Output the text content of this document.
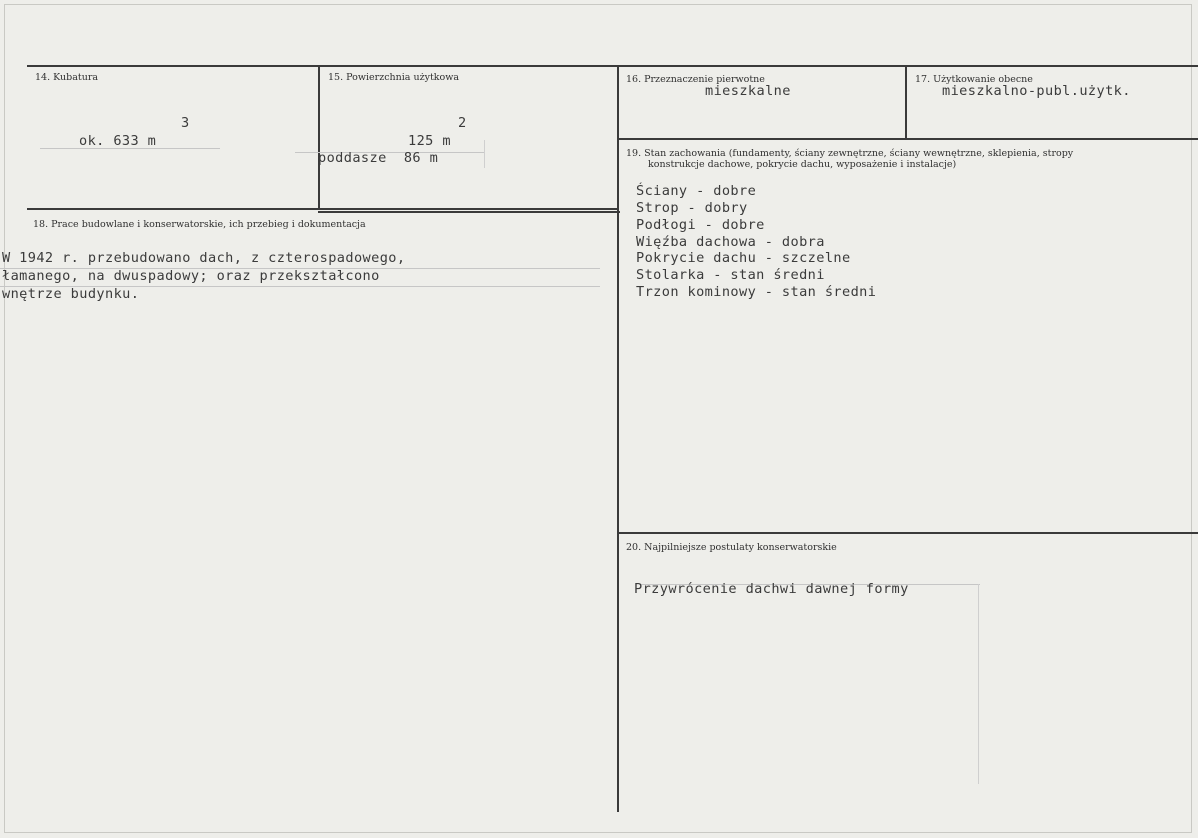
14. Kubatura
3
ok. 633 m
15. Powierzchnia użytkowa
2
125 m
poddasze  86 m
16. Przeznaczenie pierwotne
mieszkalne
17. Użytkowanie obecne
mieszkalno-publ.użytk.
18. Prace budowlane i konserwatorskie, ich przebieg i dokumentacja
W 1942 r. przebudowano dach, z czterospadowego,
łamanego, na dwuspadowy; oraz przekształcono
wnętrze budynku.
19. Stan zachowania (fundamenty, ściany zewnętrzne, ściany wewnętrzne, sklepienia, stropy
konstrukcje dachowe, pokrycie dachu, wyposażenie i instalacje)
Ściany - dobre
Strop - dobry
Podłogi - dobre
Więźba dachowa - dobra
Pokrycie dachu - szczelne
Stolarka - stan średni
Trzon kominowy - stan średni
20. Najpilniejsze postulaty konserwatorskie
Przywrócenie dachwi dawnej formy
